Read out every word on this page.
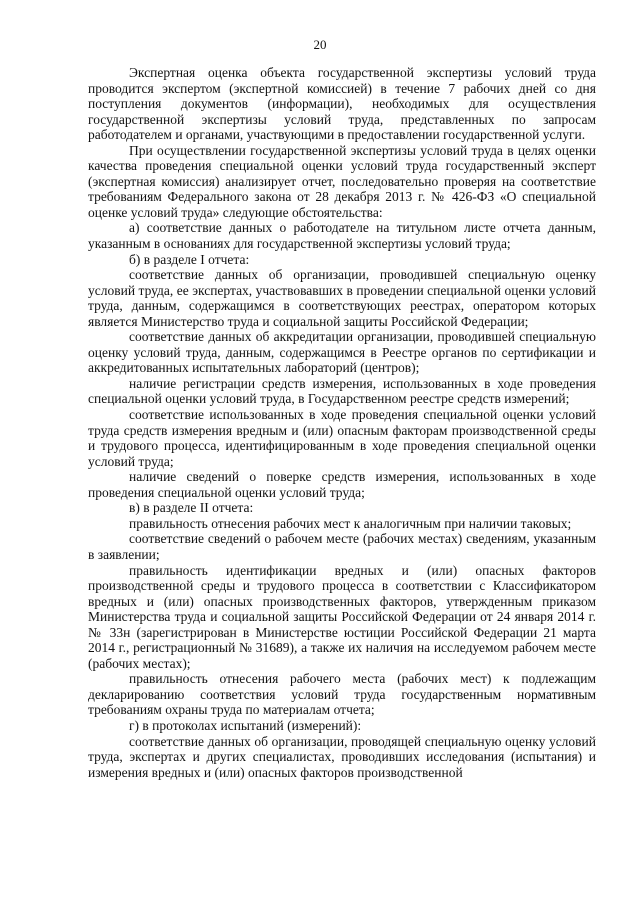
20

Экспертная оценка объекта государственной экспертизы условий труда проводится экспертом (экспертной комиссией) в течение 7 рабочих дней со дня поступления документов (информации), необходимых для осуществления государственной экспертизы условий труда, представленных по запросам работодателем и органами, участвующими в предоставлении государственной услуги.

При осуществлении государственной экспертизы условий труда в целях оценки качества проведения специальной оценки условий труда государственный эксперт (экспертная комиссия) анализирует отчет, последовательно проверяя на соответствие требованиям Федерального закона от 28 декабря 2013 г. № 426-ФЗ «О специальной оценке условий труда» следующие обстоятельства:

а) соответствие данных о работодателе на титульном листе отчета данным, указанным в основаниях для государственной экспертизы условий труда;

б) в разделе I отчета:

соответствие данных об организации, проводившей специальную оценку условий труда, ее экспертах, участвовавших в проведении специальной оценки условий труда, данным, содержащимся в соответствующих реестрах, оператором которых является Министерство труда и социальной защиты Российской Федерации;

соответствие данных об аккредитации организации, проводившей специальную оценку условий труда, данным, содержащимся в Реестре органов по сертификации и аккредитованных испытательных лабораторий (центров);

наличие регистрации средств измерения, использованных в ходе проведения специальной оценки условий труда, в Государственном реестре средств измерений;

соответствие использованных в ходе проведения специальной оценки условий труда средств измерения вредным и (или) опасным факторам производственной среды и трудового процесса, идентифицированным в ходе проведения специальной оценки условий труда;

наличие сведений о поверке средств измерения, использованных в ходе проведения специальной оценки условий труда;

в) в разделе II отчета:

правильность отнесения рабочих мест к аналогичным при наличии таковых;

соответствие сведений о рабочем месте (рабочих местах) сведениям, указанным в заявлении;

правильность идентификации вредных и (или) опасных факторов производственной среды и трудового процесса в соответствии с Классификатором вредных и (или) опасных производственных факторов, утвержденным приказом Министерства труда и социальной защиты Российской Федерации от 24 января 2014 г. № 33н (зарегистрирован в Министерстве юстиции Российской Федерации 21 марта 2014 г., регистрационный № 31689), а также их наличия на исследуемом рабочем месте (рабочих местах);

правильность отнесения рабочего места (рабочих мест) к подлежащим декларированию соответствия условий труда государственным нормативным требованиям охраны труда по материалам отчета;

г) в протоколах испытаний (измерений):

соответствие данных об организации, проводящей специальную оценку условий труда, экспертах и других специалистах, проводивших исследования (испытания) и измерения вредных и (или) опасных факторов производственной
